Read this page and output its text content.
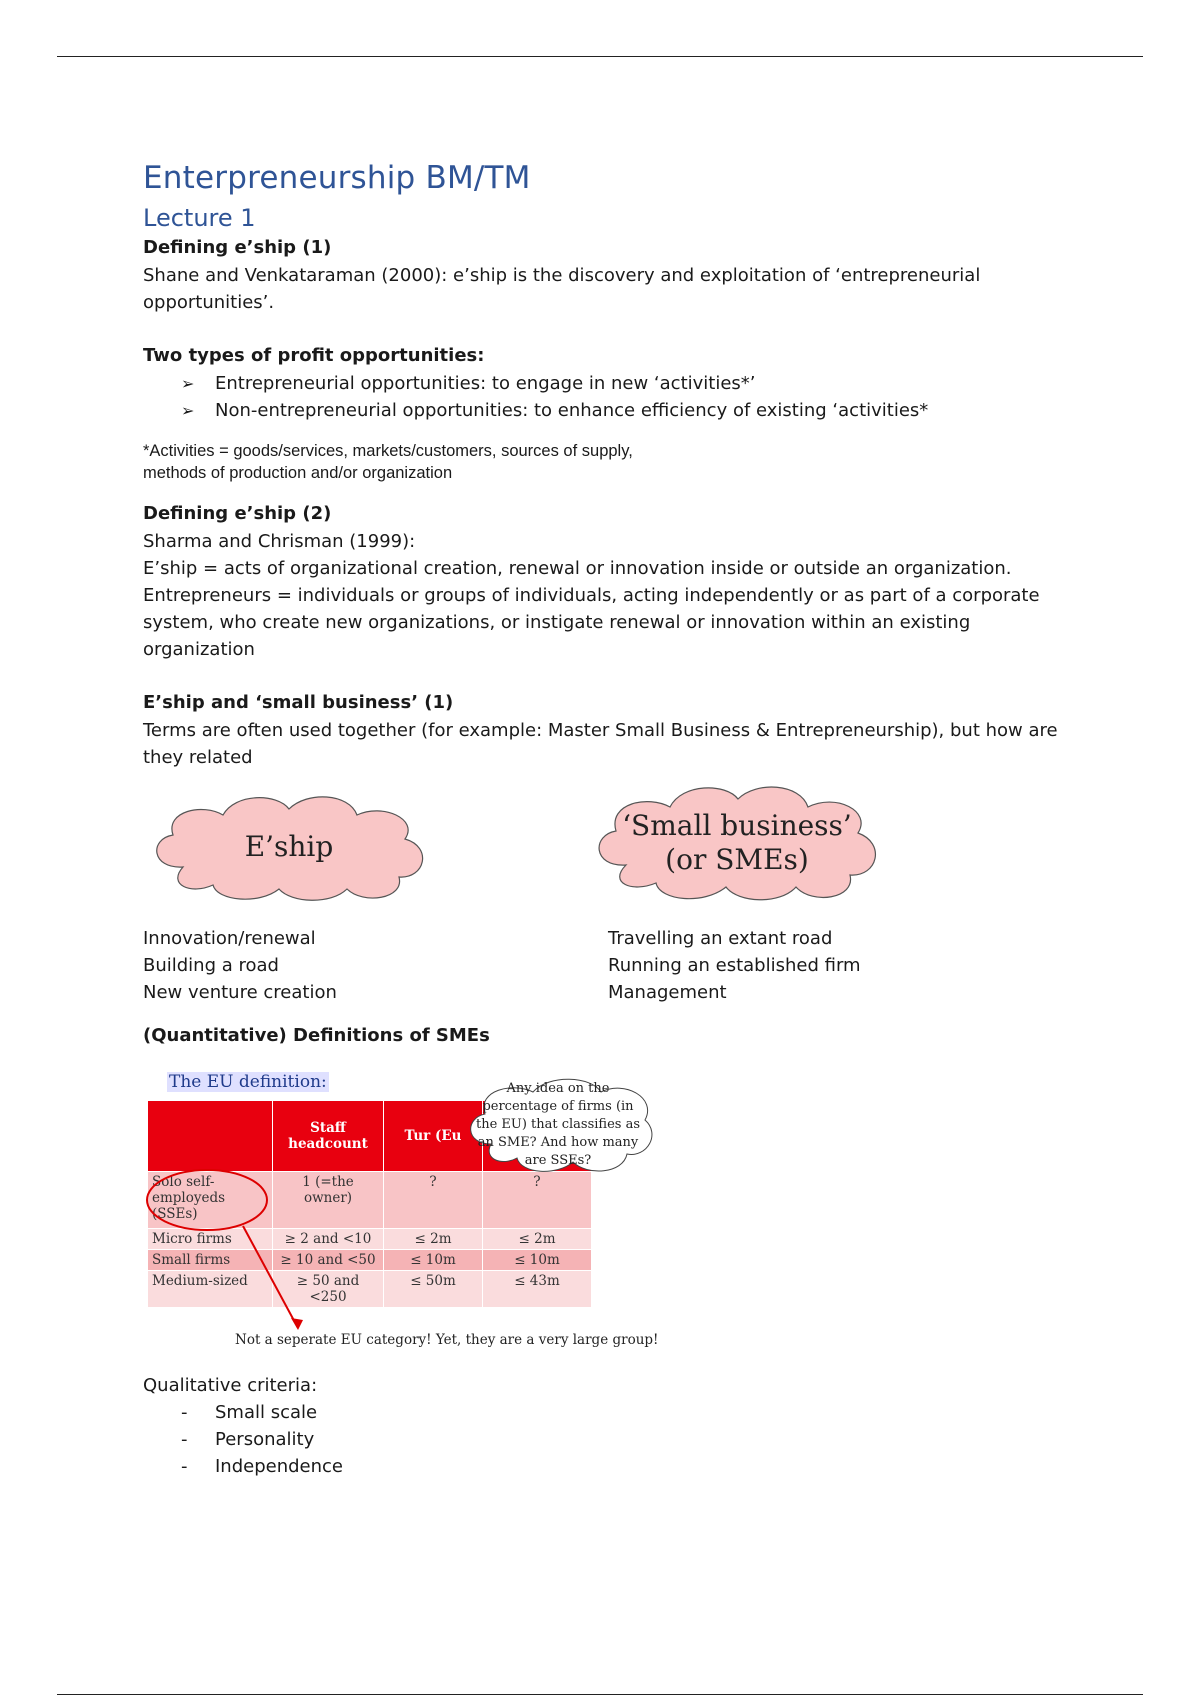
Enterpreneurship BM/TM
Lecture 1

Defining e’ship (1)

Shane and Venkataraman (2000): e’ship is the discovery and exploitation of ‘entrepreneurial opportunities’.

Two types of profit opportunities:

➢ Entrepreneurial opportunities: to engage in new ‘activities*’
➢ Non-entrepreneurial opportunities: to enhance efficiency of existing ‘activities*

*Activities = goods/services, markets/customers, sources of supply,

methods of production and/or organization

Defining e’ship (2)

Sharma and Chrisman (1999):

E’ship = acts of organizational creation, renewal or innovation inside or outside an organization.

Entrepreneurs = individuals or groups of individuals, acting independently or as part of a corporate system, who create new organizations, or instigate renewal or innovation within an existing organization

E’ship and ‘small business’ (1)

Terms are often used together (for example: Master Small Business & Entrepreneurship), but how are they related

E’ship
‘Small business’
(or SMEs)

Innovation/renewal

Building a road

New venture creation

Travelling an extant road

Running an established firm

Management

(Quantitative) Definitions of SMEs

The EU definition:
	Staff headcount	Tur (Eu	
Solo self-employeds (SSEs)	1 (=the owner)	?	?
Micro firms	≥ 2 and <10	≤ 2m	≤ 2m
Small firms	≥ 10 and <50	≤ 10m	≤ 10m
Medium-sized	≥ 50 and <250	≤ 50m	≤ 43m
Any idea on the percentage of firms (in the EU) that classifies as an SME? And how many are SSEs?
Not a seperate EU category! Yet, they are a very large group!

Qualitative criteria:

- Small scale
- Personality
- Independence
